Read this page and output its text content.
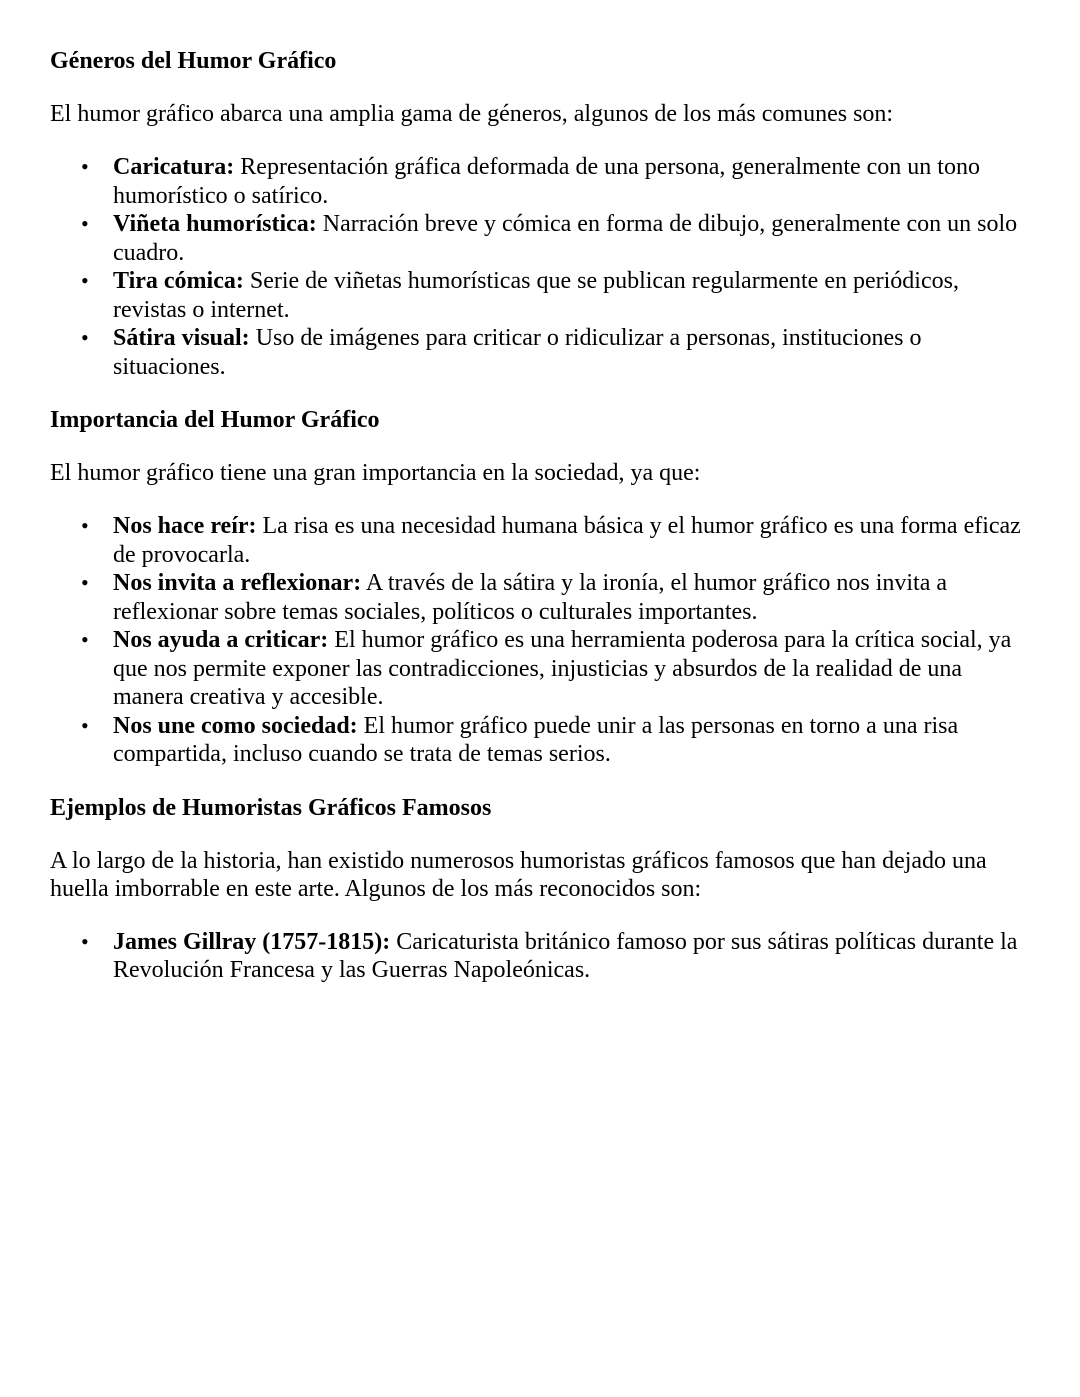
Géneros del Humor Gráfico

El humor gráfico abarca una amplia gama de géneros, algunos de los más comunes son:

• Caricatura: Representación gráfica deformada de una persona, generalmente con un tono humorístico o satírico.
• Viñeta humorística: Narración breve y cómica en forma de dibujo, generalmente con un solo cuadro.
• Tira cómica: Serie de viñetas humorísticas que se publican regularmente en periódicos, revistas o internet.
• Sátira visual: Uso de imágenes para criticar o ridiculizar a personas, instituciones o situaciones.
Importancia del Humor Gráfico

El humor gráfico tiene una gran importancia en la sociedad, ya que:

• Nos hace reír: La risa es una necesidad humana básica y el humor gráfico es una forma eficaz de provocarla.
• Nos invita a reflexionar: A través de la sátira y la ironía, el humor gráfico nos invita a reflexionar sobre temas sociales, políticos o culturales importantes.
• Nos ayuda a criticar: El humor gráfico es una herramienta poderosa para la crítica social, ya que nos permite exponer las contradicciones, injusticias y absurdos de la realidad de una manera creativa y accesible.
• Nos une como sociedad: El humor gráfico puede unir a las personas en torno a una risa compartida, incluso cuando se trata de temas serios.
Ejemplos de Humoristas Gráficos Famosos

A lo largo de la historia, han existido numerosos humoristas gráficos famosos que han dejado una huella imborrable en este arte. Algunos de los más reconocidos son:

• James Gillray (1757-1815): Caricaturista británico famoso por sus sátiras políticas durante la Revolución Francesa y las Guerras Napoleónicas.
